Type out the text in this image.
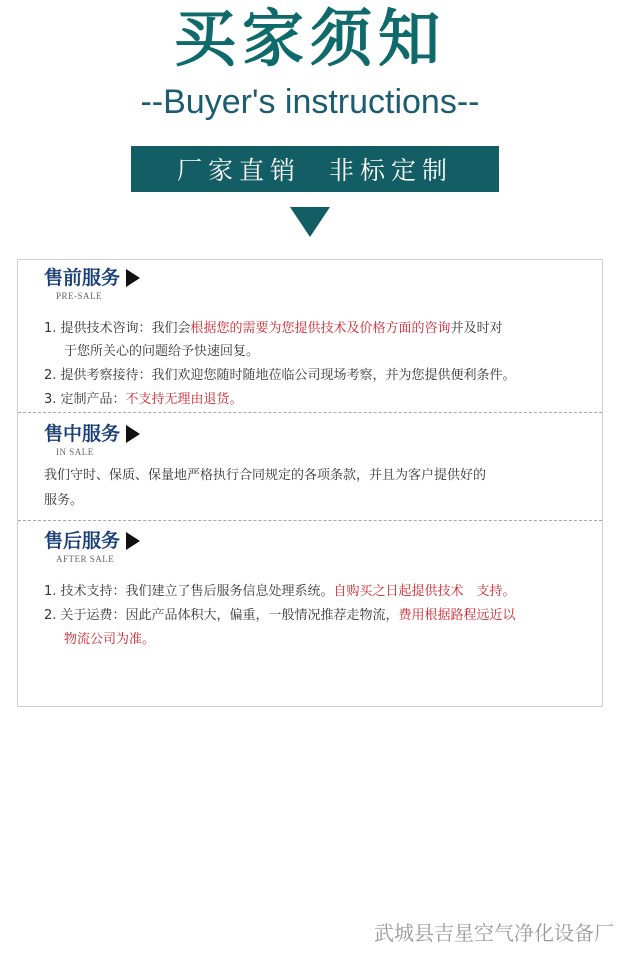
买家须知
--Buyer's instructions--
厂家直销 非标定制
售前服务
PRE-SALE
1. 提供技术咨询：我们会根据您的需要为您提供技术及价格方面的咨询并及时对
于您所关心的问题给予快速回复。
2. 提供考察接待：我们欢迎您随时随地莅临公司现场考察，并为您提供便利条件。
3. 定制产品：不支持无理由退货。
售中服务
IN SALE
我们守时、保质、保量地严格执行合同规定的各项条款，并且为客户提供好的
服务。
售后服务
AFTER SALE
1. 技术支持：我们建立了售后服务信息处理系统。自购买之日起提供技术　支持。
2. 关于运费：因此产品体积大，偏重，一般情况推荐走物流，费用根据路程远近以
物流公司为准。
武城县吉星空气净化设备厂
